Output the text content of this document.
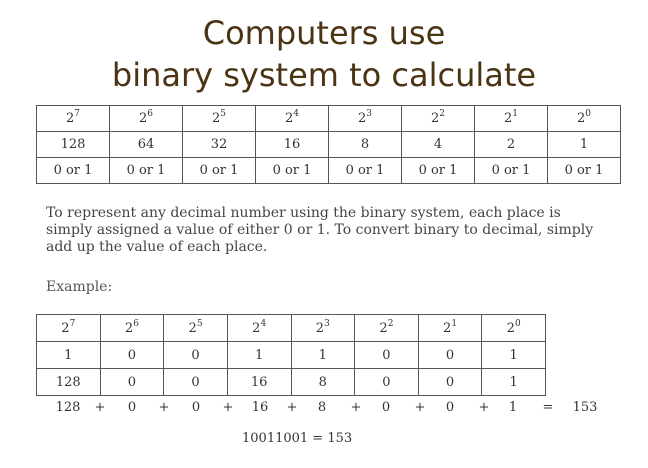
Computers use
binary system to calculate
$2^7$	$2^6$	$2^5$	$2^4$	$2^3$	$2^2$	$2^1$	$2^0$
128	64	32	16	8	4	2	1
0 or 1	0 or 1	0 or 1	0 or 1	0 or 1	0 or 1	0 or 1	0 or 1
To represent any decimal number using the binary system, each place is simply assigned a value of either 0 or 1. To convert binary to decimal, simply add up the value of each place.
Example:
$2^7$	$2^6$	$2^5$	$2^4$	$2^3$	$2^2$	$2^1$	$2^0$
1	0	0	1	1	0	0	1
128	0	0	16	8	0	0	1
128 + 0 + 0 + 16 + 8 + 0 + 0 + 1 = 153
10011001 = 153
